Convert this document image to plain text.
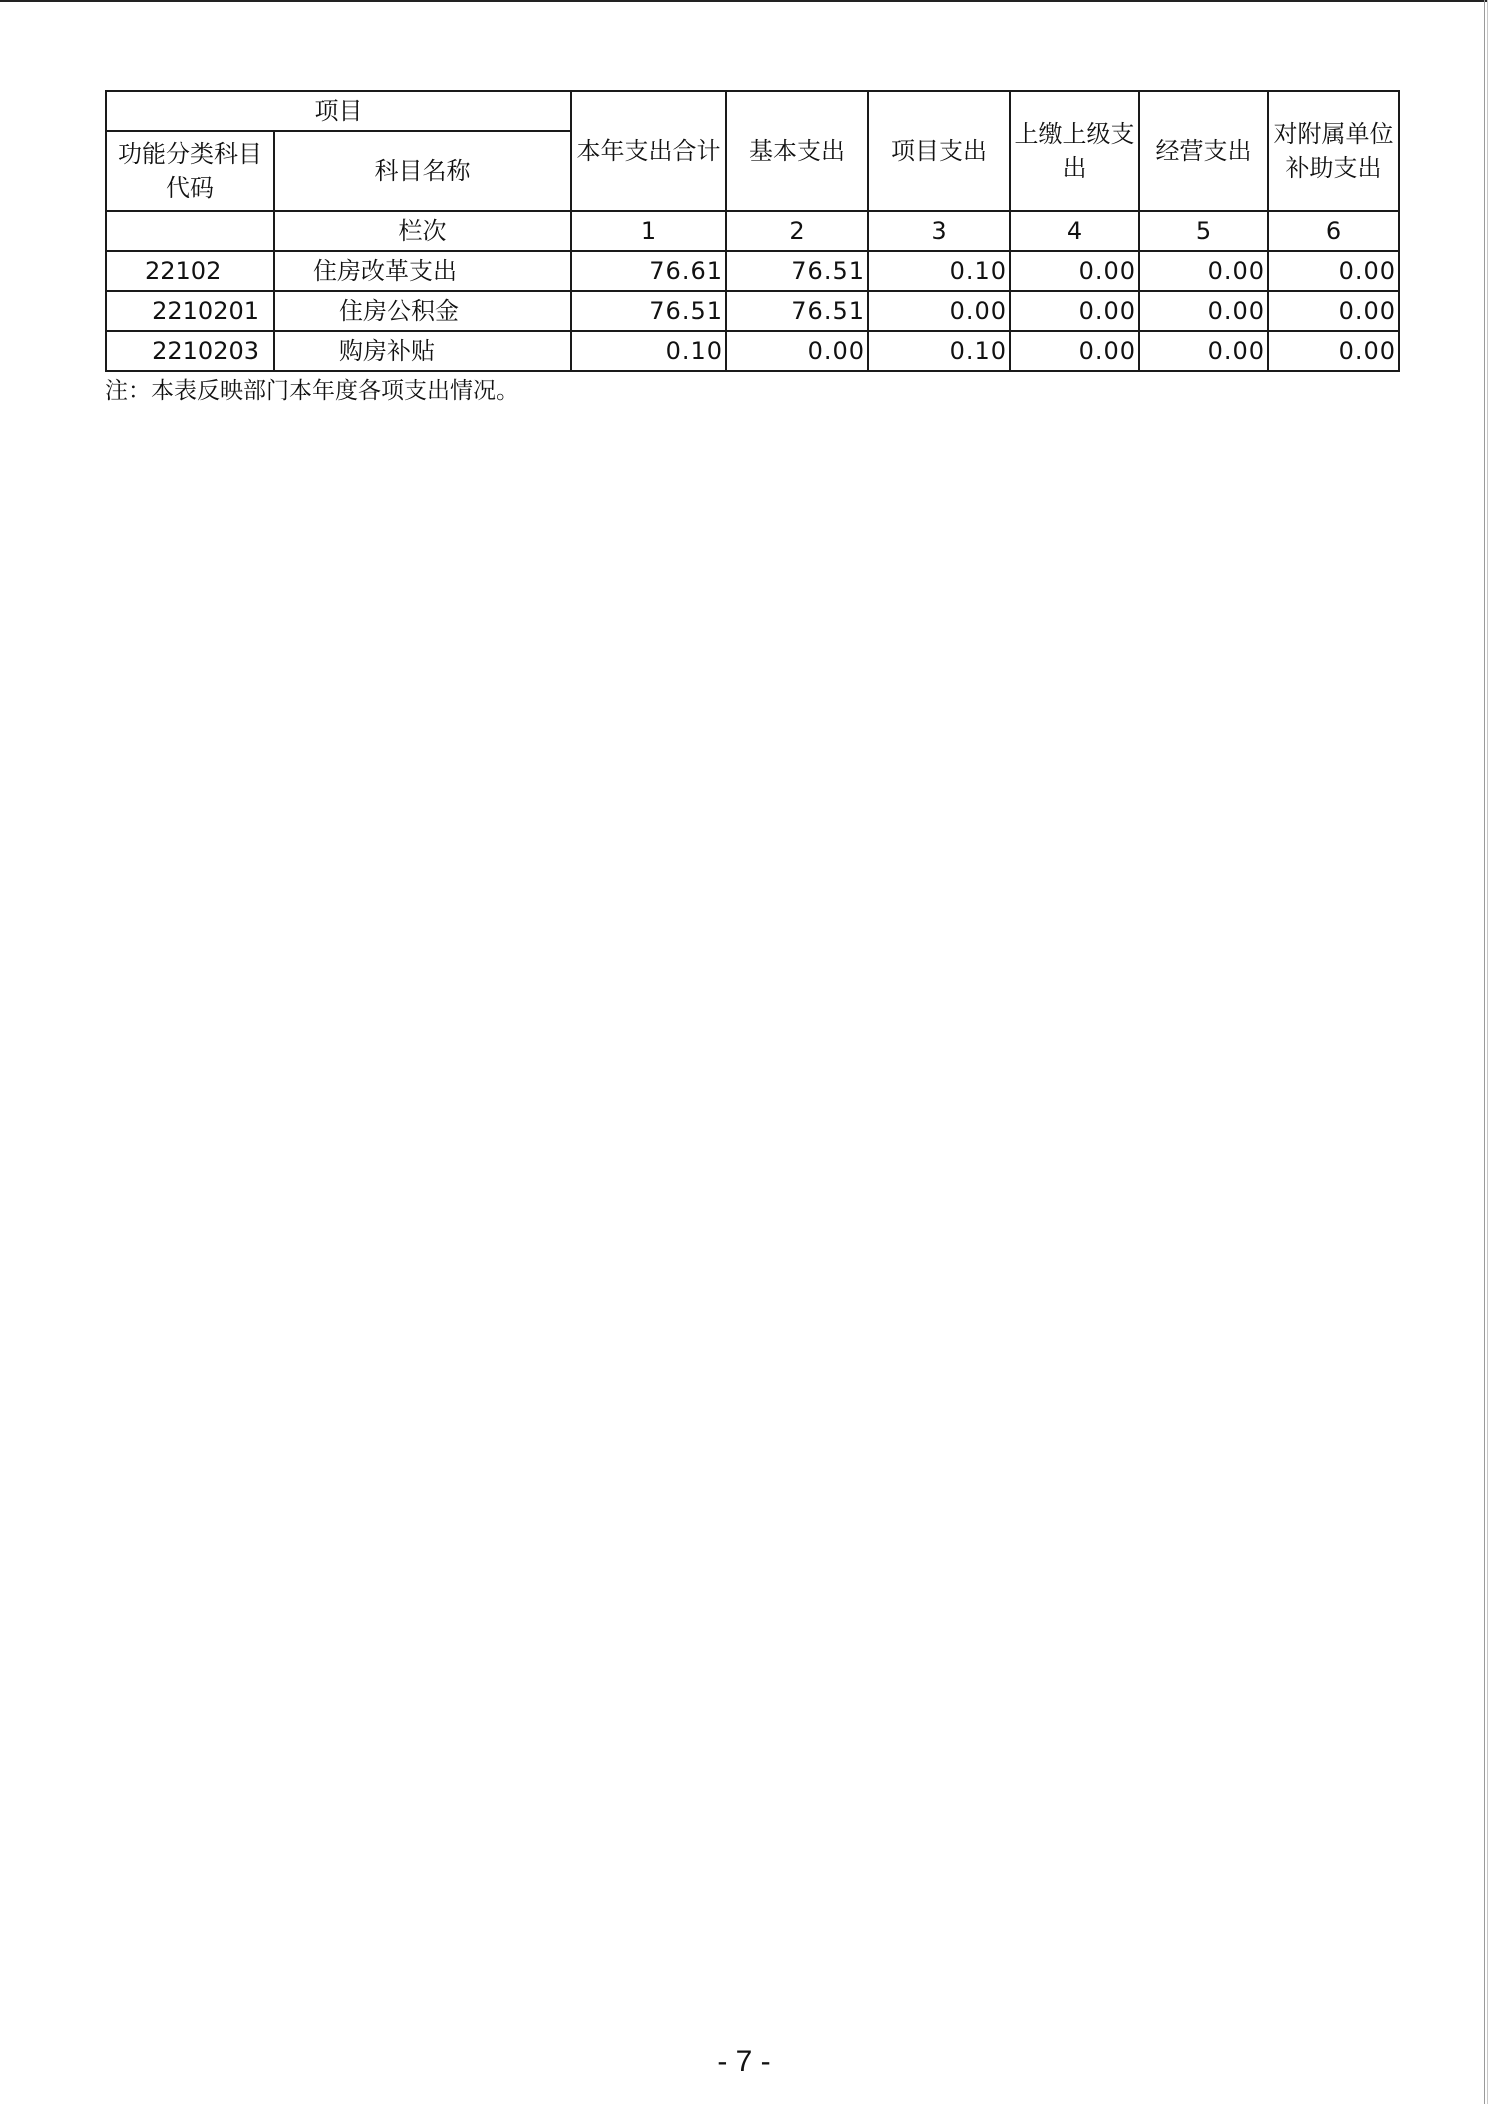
项目		本年支出合计	基本支出	项目支出	上缴上级支出	经营支出	对附属单位补助支出
功能分类科目代码	科目名称						
	栏次	1	2	3	4	5	6
22102	住房改革支出	76.61	76.51	0.10	0.00	0.00	0.00
2210201	住房公积金	76.51	76.51	0.00	0.00	0.00	0.00
2210203	购房补贴	0.10	0.00	0.10	0.00	0.00	0.00
注：本表反映部门本年度各项支出情况。
- 7 -
